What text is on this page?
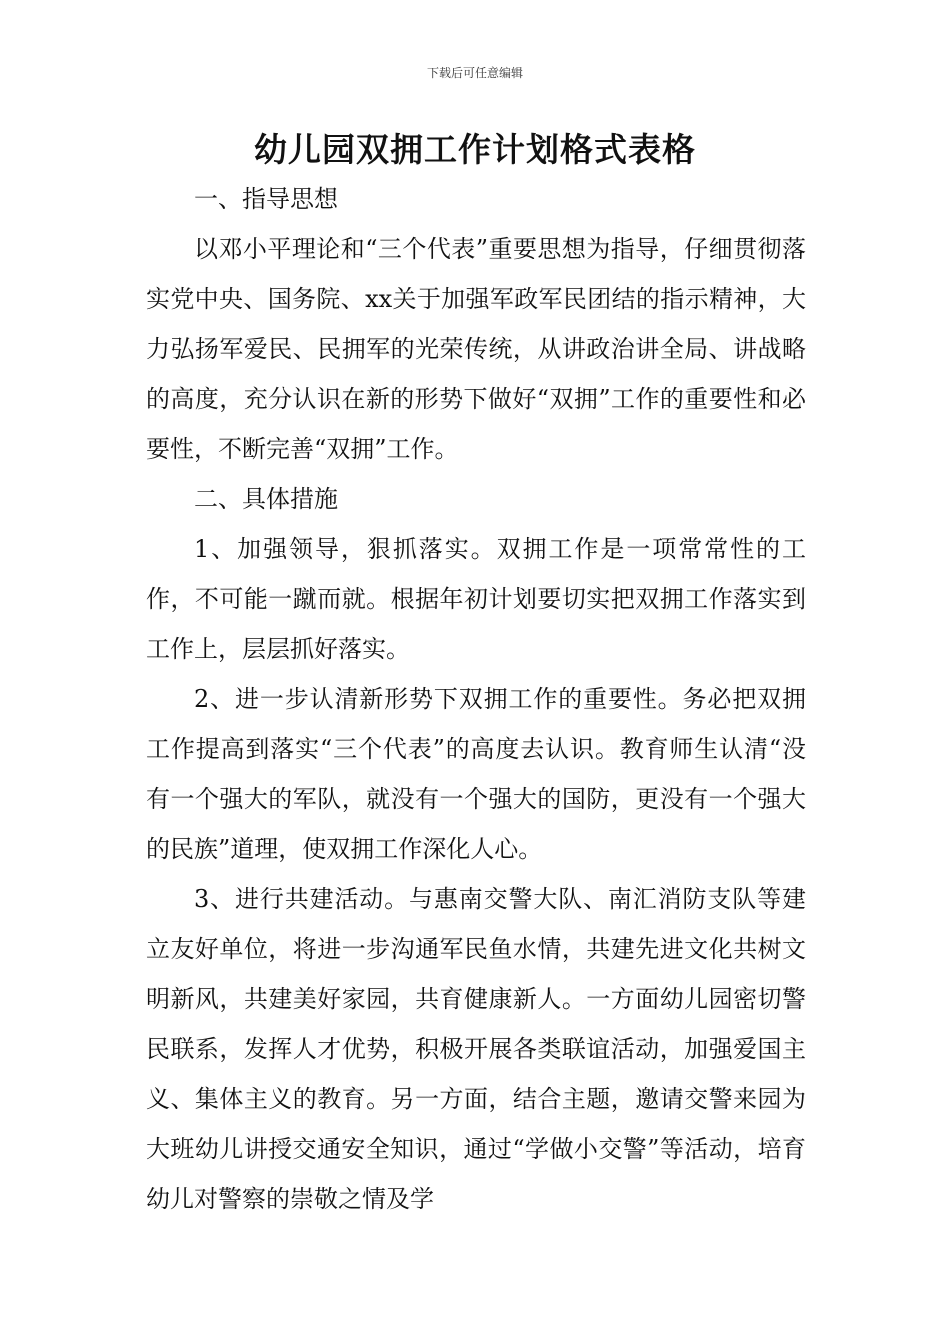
下载后可任意编辑
幼儿园双拥工作计划格式表格

一、指导思想

以邓小平理论和“三个代表”重要思想为指导，仔细贯彻落实党中央、国务院、xx关于加强军政军民团结的指示精神，大力弘扬军爱民、民拥军的光荣传统，从讲政治讲全局、讲战略的高度，充分认识在新的形势下做好“双拥”工作的重要性和必要性，不断完善“双拥”工作。

二、具体措施

1、加强领导，狠抓落实。双拥工作是一项常常性的工作，不可能一蹴而就。根据年初计划要切实把双拥工作落实到工作上，层层抓好落实。

2、进一步认清新形势下双拥工作的重要性。务必把双拥工作提高到落实“三个代表”的高度去认识。教育师生认清“没有一个强大的军队，就没有一个强大的国防，更没有一个强大的民族”道理，使双拥工作深化人心。

3、进行共建活动。与惠南交警大队、南汇消防支队等建立友好单位，将进一步沟通军民鱼水情，共建先进文化共树文明新风，共建美好家园，共育健康新人。一方面幼儿园密切警民联系，发挥人才优势，积极开展各类联谊活动，加强爱国主义、集体主义的教育。另一方面，结合主题，邀请交警来园为大班幼儿讲授交通安全知识，通过“学做小交警”等活动，培育幼儿对警察的崇敬之情及学
